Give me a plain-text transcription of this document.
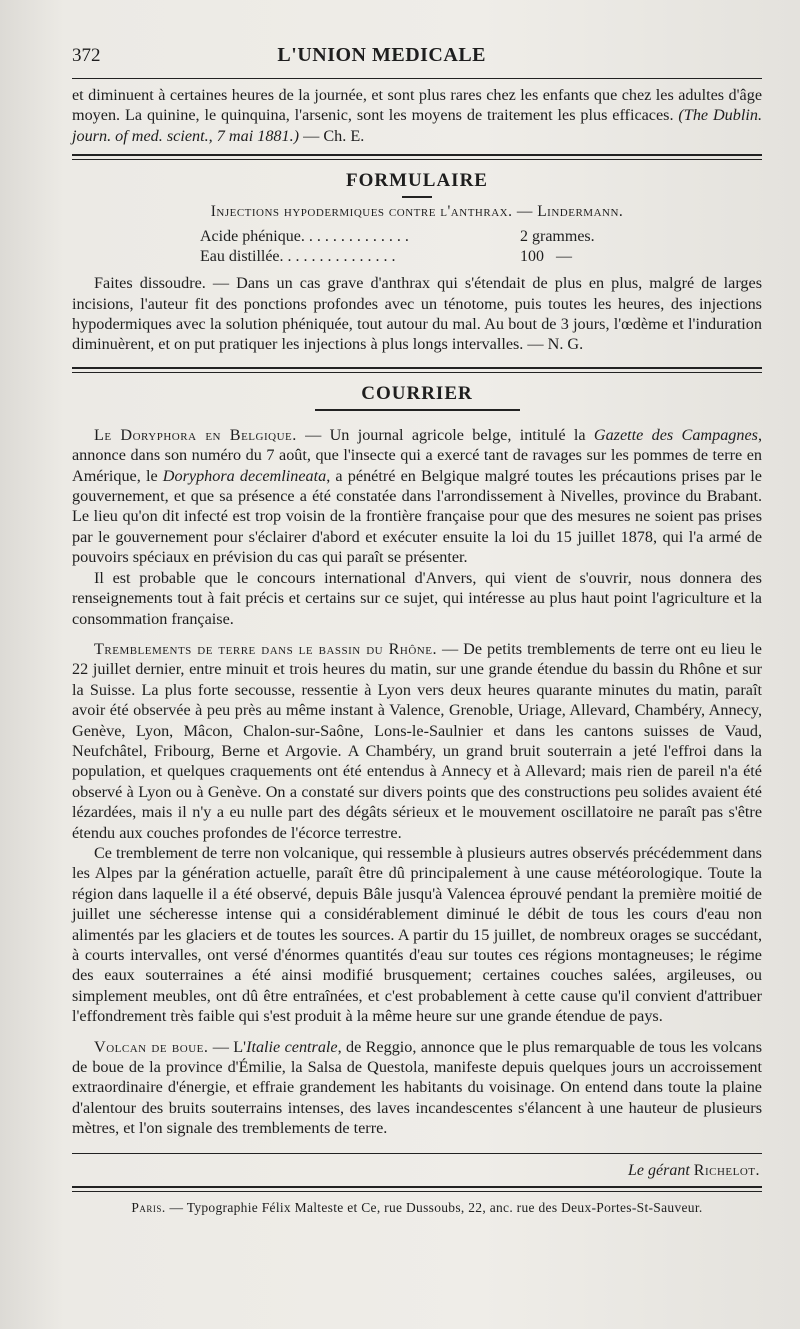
372	L'UNION MEDICALE

et diminuent à certaines heures de la journée, et sont plus rares chez les enfants que chez les adultes d'âge moyen. La quinine, le quinquina, l'arsenic, sont les moyens de traitement les plus efficaces. (The Dublin. journ. of med. scient., 7 mai 1881.) — Ch. E.

FORMULAIRE
Injections hypodermiques contre l'anthrax. — Lindermann.
Acide phénique. . . . . . . . . . . . . .	2 grammes.
Eau distillée. . . . . . . . . . . . . . .	100   —

Faites dissoudre. — Dans un cas grave d'anthrax qui s'étendait de plus en plus, malgré de larges incisions, l'auteur fit des ponctions profondes avec un ténotome, puis toutes les heures, des injections hypodermiques avec la solution phéniquée, tout autour du mal. Au bout de 3 jours, l'œdème et l'induration diminuèrent, et on put pratiquer les injections à plus longs intervalles. — N. G.

COURRIER

Le Doryphora en Belgique. — Un journal agricole belge, intitulé la Gazette des Campagnes, annonce dans son numéro du 7 août, que l'insecte qui a exercé tant de ravages sur les pommes de terre en Amérique, le Doryphora decemlineata, a pénétré en Belgique malgré toutes les précautions prises par le gouvernement, et que sa présence a été constatée dans l'arrondissement à Nivelles, province du Brabant. Le lieu qu'on dit infecté est trop voisin de la frontière française pour que des mesures ne soient pas prises par le gouvernement pour s'éclairer d'abord et exécuter ensuite la loi du 15 juillet 1878, qui l'a armé de pouvoirs spéciaux en prévision du cas qui paraît se présenter.

Il est probable que le concours international d'Anvers, qui vient de s'ouvrir, nous donnera des renseignements tout à fait précis et certains sur ce sujet, qui intéresse au plus haut point l'agriculture et la consommation française.

Tremblements de terre dans le bassin du Rhône. — De petits tremblements de terre ont eu lieu le 22 juillet dernier, entre minuit et trois heures du matin, sur une grande étendue du bassin du Rhône et sur la Suisse. La plus forte secousse, ressentie à Lyon vers deux heures quarante minutes du matin, paraît avoir été observée à peu près au même instant à Valence, Grenoble, Uriage, Allevard, Chambéry, Annecy, Genève, Lyon, Mâcon, Chalon-sur-Saône, Lons-le-Saulnier et dans les cantons suisses de Vaud, Neufchâtel, Fribourg, Berne et Argovie. A Chambéry, un grand bruit souterrain a jeté l'effroi dans la population, et quelques craquements ont été entendus à Annecy et à Allevard; mais rien de pareil n'a été observé à Lyon ou à Genève. On a constaté sur divers points que des constructions peu solides avaient été lézardées, mais il n'y a eu nulle part des dégâts sérieux et le mouvement oscillatoire ne paraît pas s'être étendu aux couches profondes de l'écorce terrestre.

Ce tremblement de terre non volcanique, qui ressemble à plusieurs autres observés précédemment dans les Alpes par la génération actuelle, paraît être dû principalement à une cause météorologique. Toute la région dans laquelle il a été observé, depuis Bâle jusqu'à Valencea éprouvé pendant la première moitié de juillet une sécheresse intense qui a considérablement diminué le débit de tous les cours d'eau non alimentés par les glaciers et de toutes les sources. A partir du 15 juillet, de nombreux orages se succédant, à courts intervalles, ont versé d'énormes quantités d'eau sur toutes ces régions montagneuses; le régime des eaux souterraines a été ainsi modifié brusquement; certaines couches salées, argileuses, ou simplement meubles, ont dû être entraînées, et c'est probablement à cette cause qu'il convient d'attribuer l'effondrement très faible qui s'est produit à la même heure sur une grande étendue de pays.

Volcan de boue. — L'Italie centrale, de Reggio, annonce que le plus remarquable de tous les volcans de boue de la province d'Émilie, la Salsa de Questola, manifeste depuis quelques jours un accroissement extraordinaire d'énergie, et effraie grandement les habitants du voisinage. On entend dans toute la plaine d'alentour des bruits souterrains intenses, des laves incandescentes s'élancent à une hauteur de plusieurs mètres, et l'on signale des tremblements de terre.

Le gérant Richelot.
Paris. — Typographie Félix Malteste et Ce, rue Dussoubs, 22, anc. rue des Deux-Portes-St-Sauveur.
